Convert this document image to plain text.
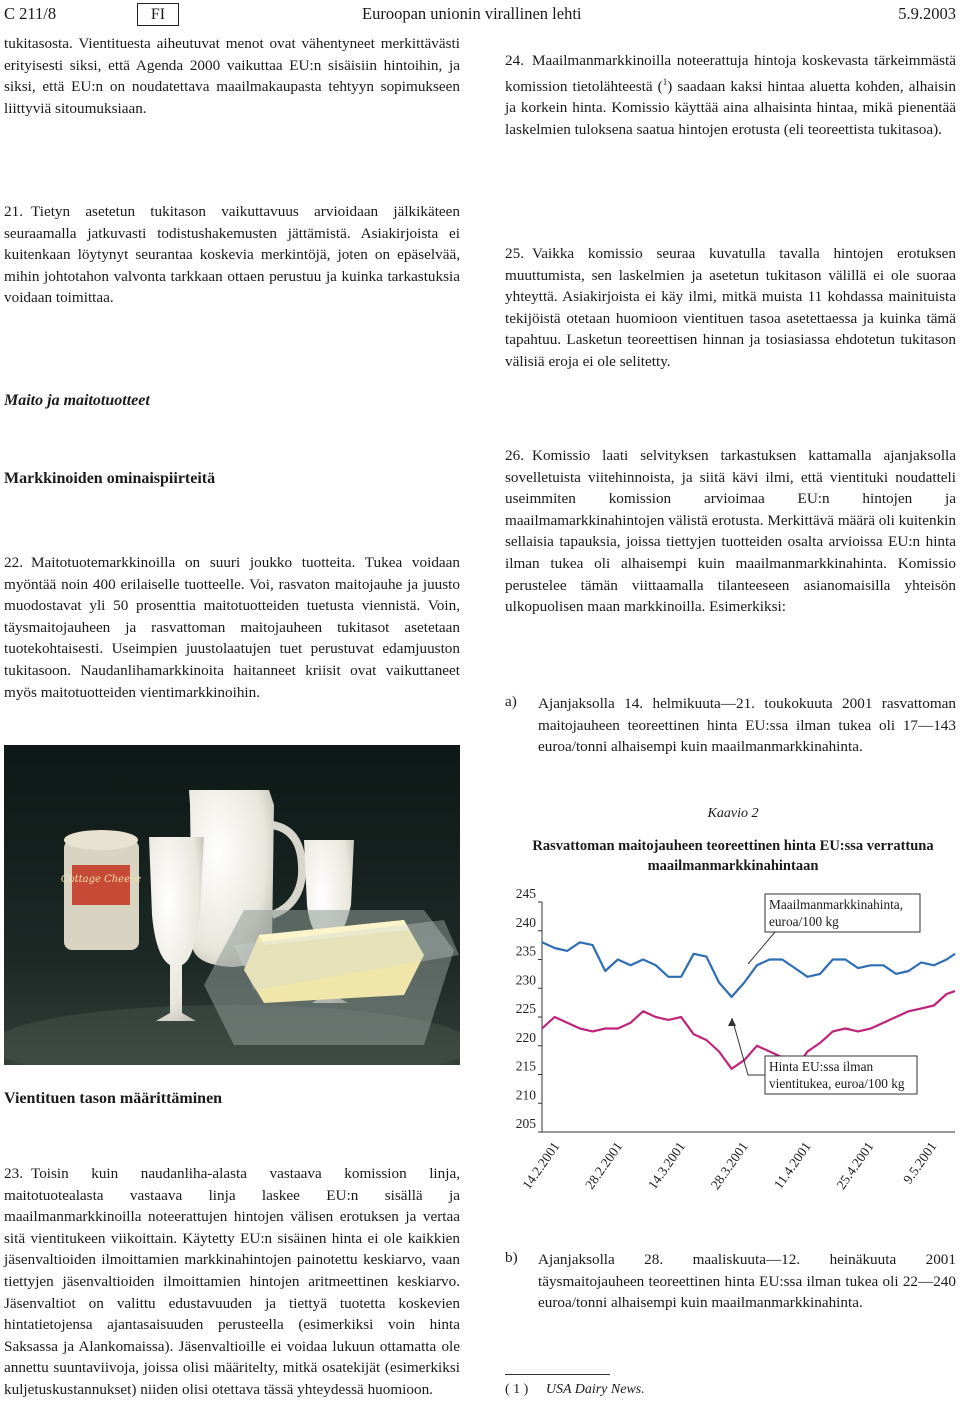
C 211/8	FI	Euroopan unionin virallinen lehti	5.9.2003

tukitasosta. Vientituesta aiheutuvat menot ovat vähentyneet merkittävästi erityisesti siksi, että Agenda 2000 vaikuttaa EU:n sisäisiin hintoihin, ja siksi, että EU:n on noudatettava maailmakaupasta tehtyyn sopimukseen liittyviä sitoumuksiaan.

21. Tietyn asetetun tukitason vaikuttavuus arvioidaan jälkikäteen seuraamalla jatkuvasti todistushakemusten jättämistä. Asiakirjoista ei kuitenkaan löytynyt seurantaa koskevia merkintöjä, joten on epäselvää, mihin johtotahon valvonta tarkkaan ottaen perustuu ja kuinka tarkastuksia voidaan toimittaa.

Maito ja maitotuotteet
Markkinoiden ominaispiirteitä

22. Maitotuotemarkkinoilla on suuri joukko tuotteita. Tukea voidaan myöntää noin 400 erilaiselle tuotteelle. Voi, rasvaton maitojauhe ja juusto muodostavat yli 50 prosenttia maitotuotteiden tuetusta viennistä. Voin, täysmaitojauheen ja rasvattoman maitojauheen tukitasot asetetaan tuotekohtaisesti. Useimpien juustolaatujen tuet perustuvat edamjuuston tukitasoon. Naudanlihamarkkinoita haitanneet kriisit ovat vaikuttaneet myös maitotuotteiden vientimarkkinoihin.

Cottage Cheese
Vientituen tason määrittäminen

23. Toisin kuin naudanliha-alasta vastaava komission linja, maitotuotealasta vastaava linja laskee EU:n sisällä ja maailmanmarkkinoilla noteerattujen hintojen välisen erotuksen ja vertaa sitä vientitukeen viikoittain. Käytetty EU:n sisäinen hinta ei ole kaikkien jäsenvaltioiden ilmoittamien markkinahintojen painotettu keskiarvo, vaan tiettyjen jäsenvaltioiden ilmoittamien hintojen aritmeettinen keskiarvo. Jäsenvaltiot on valittu edustavuuden ja tiettyä tuotetta koskevien hintatietojensa ajantasaisuuden perusteella (esimerkiksi voin hinta Saksassa ja Alankomaissa). Jäsenvaltioille ei voidaa lukuun ottamatta ole annettu suuntaviivoja, joissa olisi määritelty, mitkä osatekijät (esimerkiksi kuljetuskustannukset) niiden olisi otettava tässä yhteydessä huomioon.

24. Maailmanmarkkinoilla noteerattuja hintoja koskevasta tärkeimmästä komission tietolähteestä ($^1$) saadaan kaksi hintaa aluetta kohden, alhaisin ja korkein hinta. Komissio käyttää aina alhaisinta hintaa, mikä pienentää laskelmien tuloksena saatua hintojen erotusta (eli teoreettista tukitasoa).

25. Vaikka komissio seuraa kuvatulla tavalla hintojen erotuksen muuttumista, sen laskelmien ja asetetun tukitason välillä ei ole suoraa yhteyttä. Asiakirjoista ei käy ilmi, mitkä muista 11 kohdassa mainituista tekijöistä otetaan huomioon vientituen tasoa asetettaessa ja kuinka tämä tapahtuu. Lasketun teoreettisen hinnan ja tosiasiassa ehdotetun tukitason välisiä eroja ei ole selitetty.

26. Komissio laati selvityksen tarkastuksen kattamalla ajanjaksolla sovelletuista viitehinnoista, ja siitä kävi ilmi, että vientituki noudatteli useimmiten komission arvioimaa EU:n hintojen ja maailmamarkkinahintojen välistä erotusta. Merkittävä määrä oli kuitenkin sellaisia tapauksia, joissa tiettyjen tuotteiden osalta arvioissa EU:n hinta ilman tukea oli alhaisempi kuin maailmanmarkkinahinta. Komissio perustelee tämän viittaamalla tilanteeseen asianomaisilla yhteisön ulkopuolisen maan markkinoilla. Esimerkiksi:

a) Ajanjaksolla 14. helmikuuta—21. toukokuuta 2001 rasvattoman maitojauheen teoreettinen hinta EU:ssa ilman tukea oli 17—143 euroa/tonni alhaisempi kuin maailmanmarkkinahinta.

Kaavio 2
Rasvattoman maitojauheen teoreettinen hinta EU:ssa verrattuna maailmanmarkkinahintaan
205
210
215
220
225
230
235
240
245
14.2.2001 28.2.2001 14.3.2001 28.3.2001 11.4.2001 25.4.2001 9.5.2001
Maailmanmarkkinahinta, euroa/100 kg
Hinta EU:ssa ilman vientitukea, euroa/100 kg
b) Ajanjaksolla 28. maaliskuuta—12. heinäkuuta 2001 täysmaitojauheen teoreettinen hinta EU:ssa ilman tukea oli 22—240 euroa/tonni alhaisempi kuin maailmanmarkkinahinta.

( 1 ) USA Dairy News.
